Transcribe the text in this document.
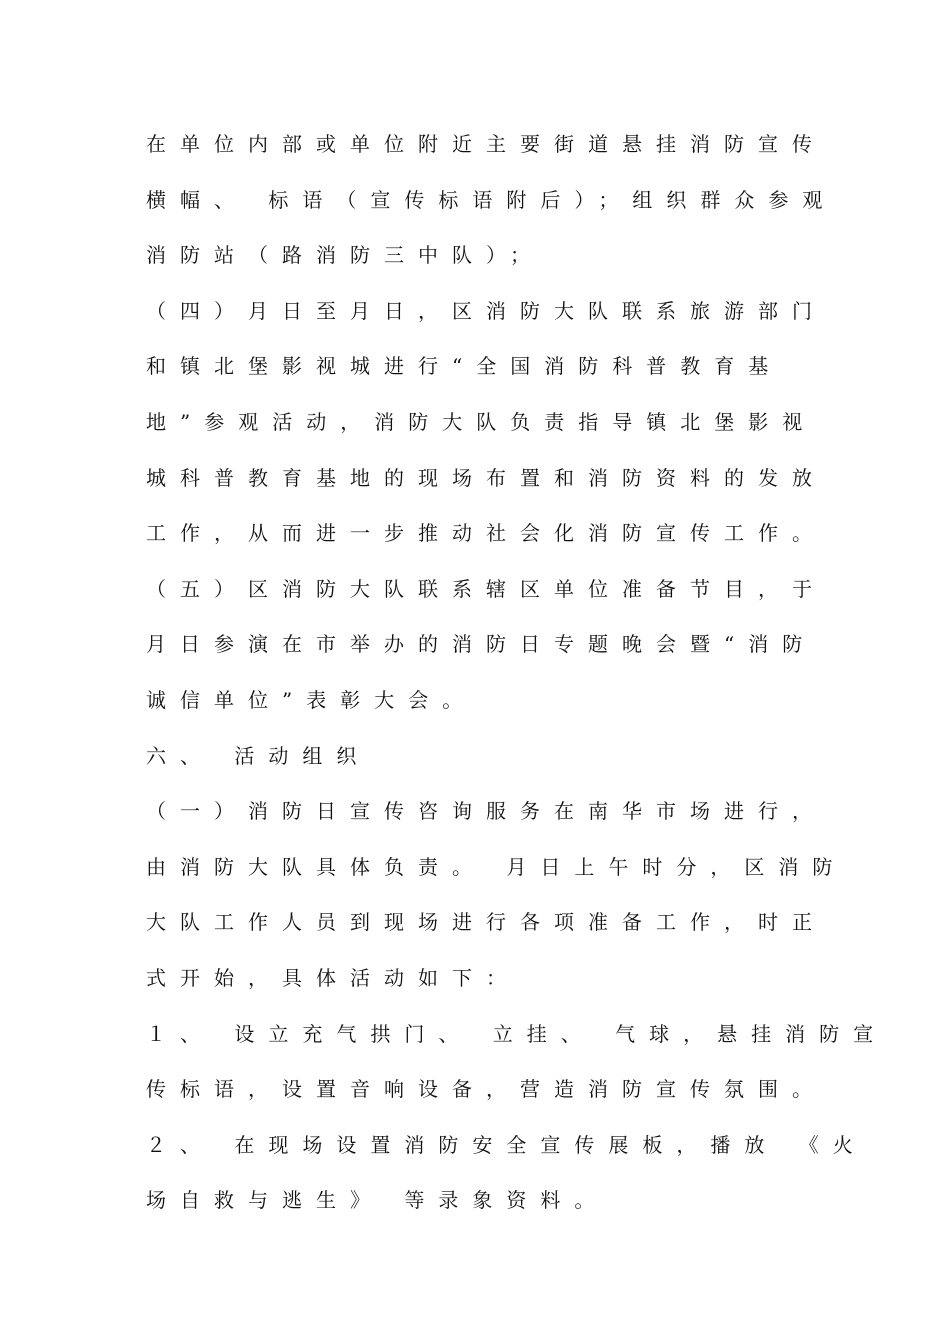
在单位内部或单位附近主要街道悬挂消防宣传
横幅、 标语（宣传标语附后）；组织群众参观
消防站（路消防三中队）；
（四）月日至月日，区消防大队联系旅游部门
和镇北堡影视城进行“全国消防科普教育基
地”参观活动，消防大队负责指导镇北堡影视
城科普教育基地的现场布置和消防资料的发放
工作，从而进一步推动社会化消防宣传工作。
（五）区消防大队联系辖区单位准备节目，于
月日参演在市举办的消防日专题晚会暨“消防
诚信单位”表彰大会。
六、 活动组织
（一）消防日宣传咨询服务在南华市场进行，
由消防大队具体负责。 月日上午时分，区消防
大队工作人员到现场进行各项准备工作，时正
式开始，具体活动如下：
１、 设立充气拱门、 立挂、 气球，悬挂消防宣
传标语，设置音响设备，营造消防宣传氛围。
２、 在现场设置消防安全宣传展板，播放 《火
场自救与逃生》 等录象资料。
